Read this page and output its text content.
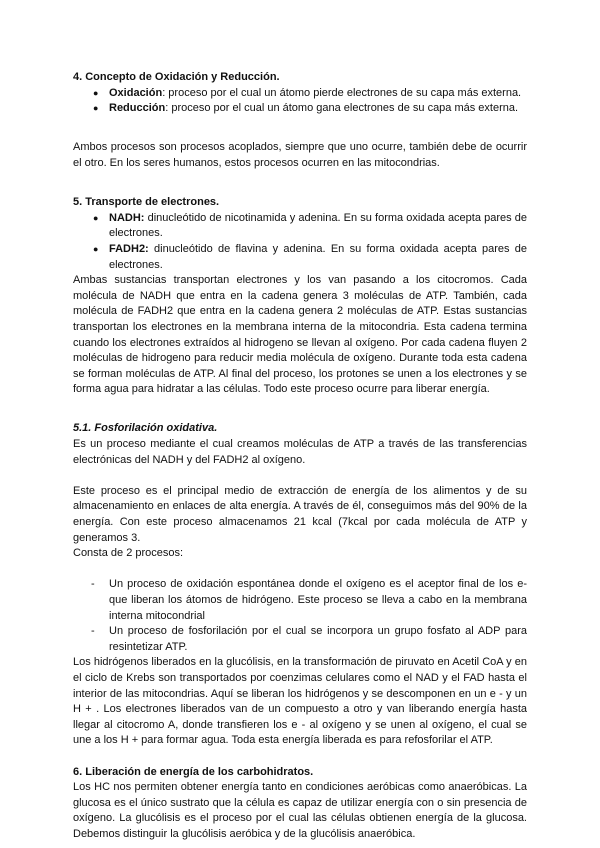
4. Concepto de Oxidación y Reducción.
● Oxidación: proceso por el cual un átomo pierde electrones de su capa más externa.
● Reducción: proceso por el cual un átomo gana electrones de su capa más externa.

Ambos procesos son procesos acoplados, siempre que uno ocurre, también debe de ocurrir el otro. En los seres humanos, estos procesos ocurren en las mitocondrias.

5. Transporte de electrones.
● NADH: dinucleótido de nicotinamida y adenina. En su forma oxidada acepta pares de electrones.
● FADH2: dinucleótido de flavina y adenina. En su forma oxidada acepta pares de electrones.

Ambas sustancias transportan electrones y los van pasando a los citocromos. Cada molécula de NADH que entra en la cadena genera 3 moléculas de ATP. También, cada molécula de FADH2 que entra en la cadena genera 2 moléculas de ATP. Estas sustancias transportan los electrones en la membrana interna de la mitocondria. Esta cadena termina cuando los electrones extraídos al hidrogeno se llevan al oxígeno. Por cada cadena fluyen 2 moléculas de hidrogeno para reducir media molécula de oxígeno. Durante toda esta cadena se forman moléculas de ATP. Al final del proceso, los protones se unen a los electrones y se forma agua para hidratar a las células. Todo este proceso ocurre para liberar energía.

5.1. Fosforilación oxidativa.

Es un proceso mediante el cual creamos moléculas de ATP a través de las transferencias electrónicas del NADH y del FADH2 al oxígeno.

Este proceso es el principal medio de extracción de energía de los alimentos y de su almacenamiento en enlaces de alta energía. A través de él, conseguimos más del 90% de la energía. Con este proceso almacenamos 21 kcal (7kcal por cada molécula de ATP y generamos 3.

Consta de 2 procesos:

- Un proceso de oxidación espontánea donde el oxígeno es el aceptor final de los e- que liberan los átomos de hidrógeno. Este proceso se lleva a cabo en la membrana interna mitocondrial
- Un proceso de fosforilación por el cual se incorpora un grupo fosfato al ADP para resintetizar ATP.

Los hidrógenos liberados en la glucólisis, en la transformación de piruvato en Acetil CoA y en el ciclo de Krebs son transportados por coenzimas celulares como el NAD y el FAD hasta el interior de las mitocondrias. Aquí se liberan los hidrógenos y se descomponen en un e - y un H + . Los electrones liberados van de un compuesto a otro y van liberando energía hasta llegar al citocromo A, donde transfieren los e - al oxígeno y se unen al oxígeno, el cual se une a los H + para formar agua. Toda esta energía liberada es para refosforilar el ATP.

6. Liberación de energía de los carbohidratos.

Los HC nos permiten obtener energía tanto en condiciones aeróbicas como anaeróbicas. La glucosa es el único sustrato que la célula es capaz de utilizar energía con o sin presencia de oxígeno. La glucólisis es el proceso por el cual las células obtienen energía de la glucosa. Debemos distinguir la glucólisis aeróbica y de la glucólisis anaeróbica.
